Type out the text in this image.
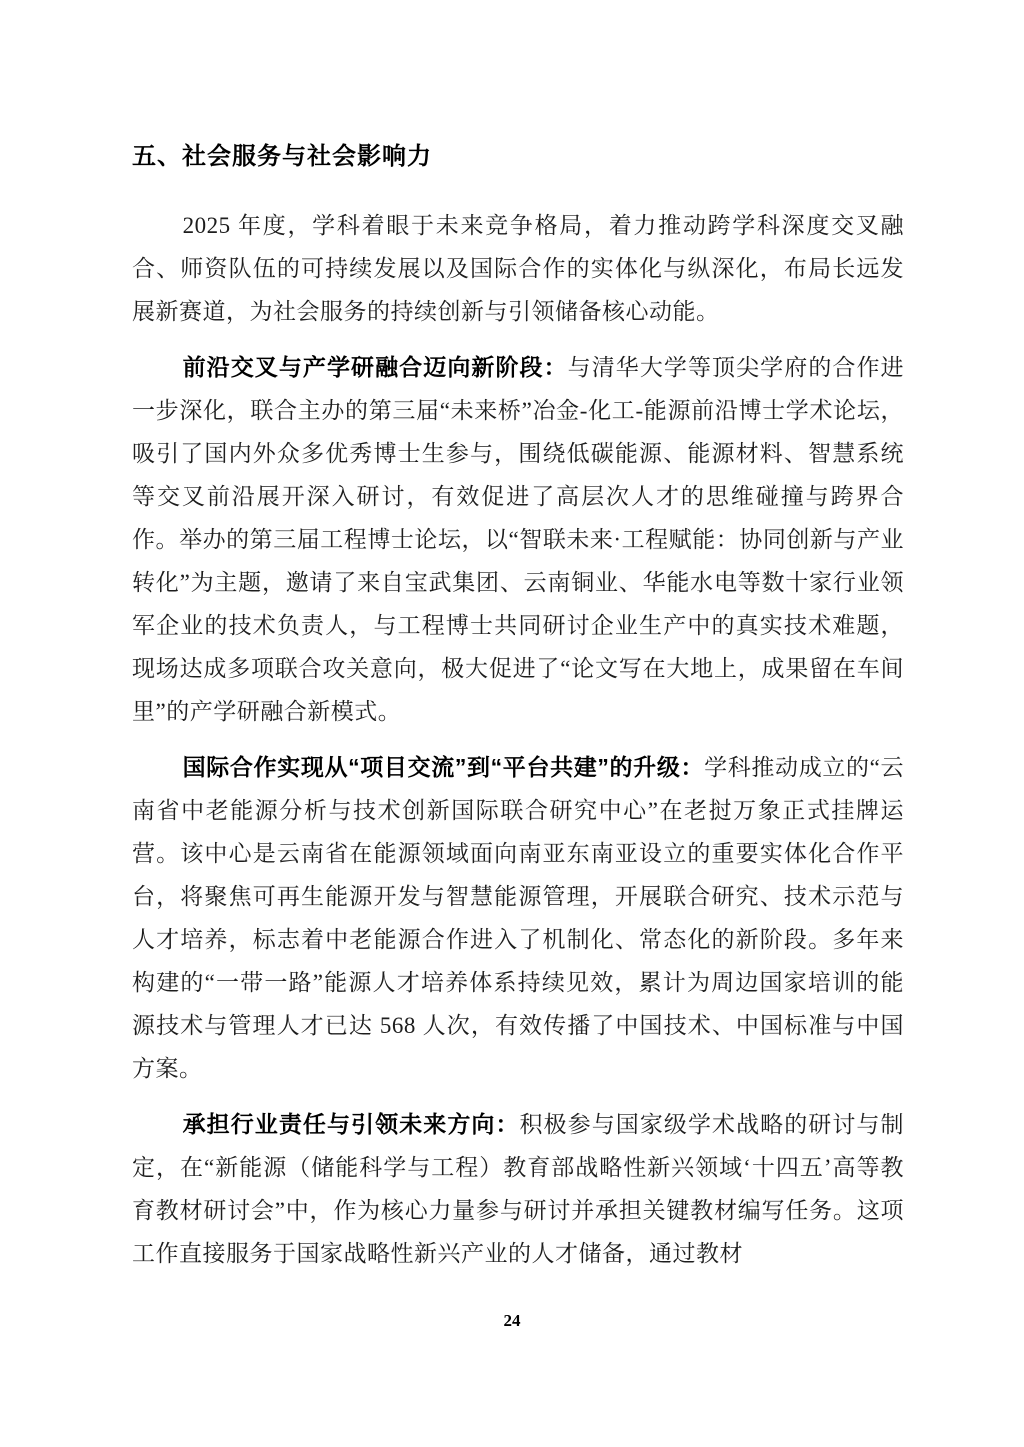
五、社会服务与社会影响力

2025 年度，学科着眼于未来竞争格局，着力推动跨学科深度交叉融合、师资队伍的可持续发展以及国际合作的实体化与纵深化，布局长远发展新赛道，为社会服务的持续创新与引领储备核心动能。

前沿交叉与产学研融合迈向新阶段：与清华大学等顶尖学府的合作进一步深化，联合主办的第三届“未来桥”冶金-化工-能源前沿博士学术论坛，吸引了国内外众多优秀博士生参与，围绕低碳能源、能源材料、智慧系统等交叉前沿展开深入研讨，有效促进了高层次人才的思维碰撞与跨界合作。举办的第三届工程博士论坛，以“智联未来·工程赋能：协同创新与产业转化”为主题，邀请了来自宝武集团、云南铜业、华能水电等数十家行业领军企业的技术负责人，与工程博士共同研讨企业生产中的真实技术难题，现场达成多项联合攻关意向，极大促进了“论文写在大地上，成果留在车间里”的产学研融合新模式。

国际合作实现从“项目交流”到“平台共建”的升级：学科推动成立的“云南省中老能源分析与技术创新国际联合研究中心”在老挝万象正式挂牌运营。该中心是云南省在能源领域面向南亚东南亚设立的重要实体化合作平台，将聚焦可再生能源开发与智慧能源管理，开展联合研究、技术示范与人才培养，标志着中老能源合作进入了机制化、常态化的新阶段。多年来构建的“一带一路”能源人才培养体系持续见效，累计为周边国家培训的能源技术与管理人才已达 568 人次，有效传播了中国技术、中国标准与中国方案。

承担行业责任与引领未来方向：积极参与国家级学术战略的研讨与制定，在“新能源（储能科学与工程）教育部战略性新兴领域‘十四五’高等教育教材研讨会”中，作为核心力量参与研讨并承担关键教材编写任务。这项工作直接服务于国家战略性新兴产业的人才储备，通过教材

24
